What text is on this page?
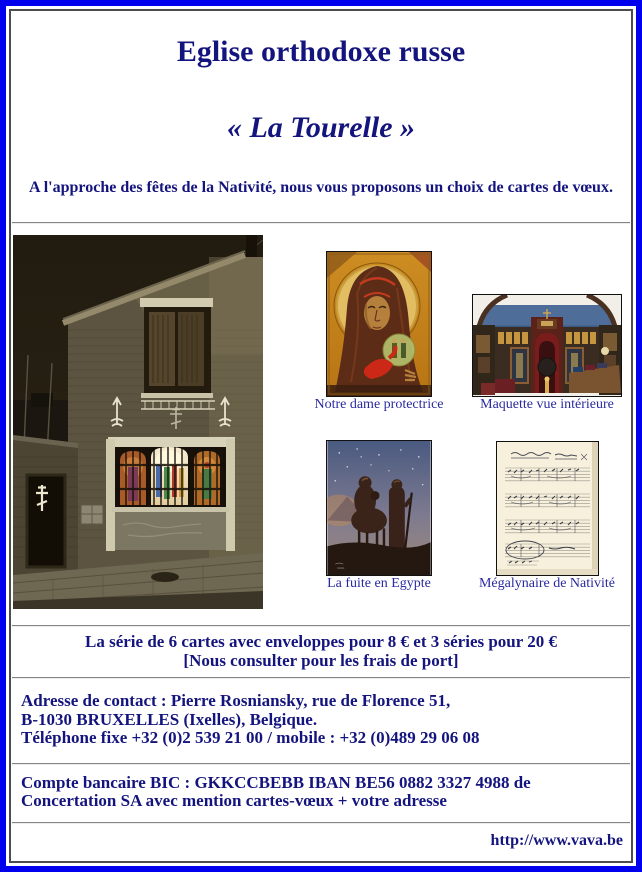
Eglise orthodoxe russe
« La Tourelle »

A l'approche des fêtes de la Nativité, nous vous proposons un choix de cartes de vœux.

Notre dame protectrice	Maquette vue intérieure
La fuite en Egypte	Mégalynaire de Nativité
La série de 6 cartes avec enveloppes pour 8 € et 3 séries pour 20 €
[Nous consulter pour les frais de port]
Adresse de contact : Pierre Rosniansky, rue de Florence 51,
B-1030 BRUXELLES (Ixelles), Belgique.
Téléphone fixe +32 (0)2 539 21 00 / mobile : +32 (0)489 29 06 08
Compte bancaire BIC : GKKCCBEBB IBAN BE56 0882 3327 4988 de
Concertation SA avec mention cartes-vœux + votre adresse
http://www.vava.be
